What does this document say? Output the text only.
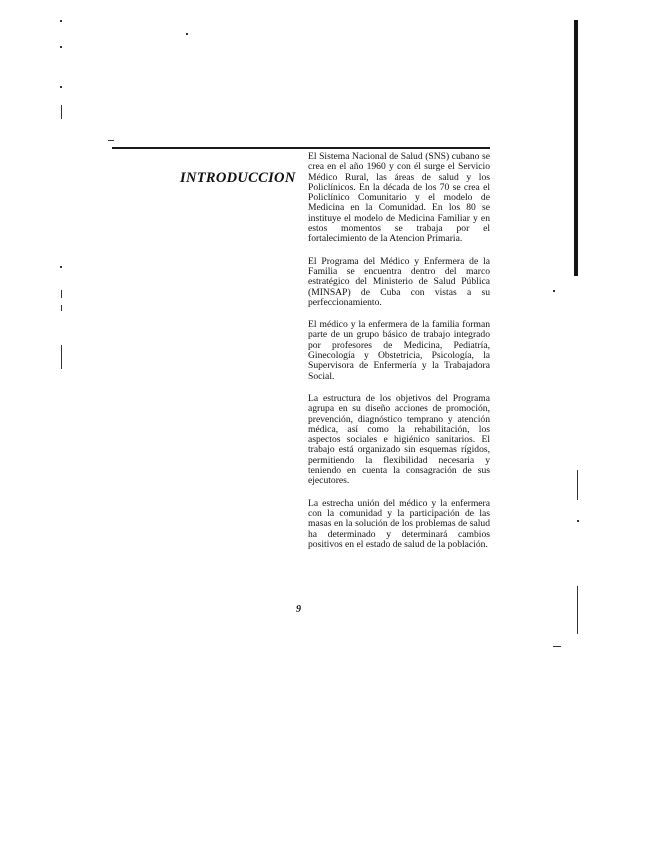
INTRODUCCION

El Sistema Nacional de Salud (SNS) cubano se crea en el año 1960 y con él surge el Servicio Médico Rural, las áreas de salud y los Policlínicos. En la década de los 70 se crea el Policlínico Comunitario y el modelo de Medicina en la Comunidad. En los 80 se instituye el modelo de Medicina Familiar y en estos momentos se trabaja por el fortalecimiento de la Atencion Primaria.

El Programa del Médico y Enfermera de la Familia se encuentra dentro del marco estratégico del Ministerio de Salud Pública (MINSAP) de Cuba con vistas a su perfeccionamiento.

El médico y la enfermera de la familia forman parte de un grupo básico de trabajo integrado por profesores de Medicina, Pediatría, Ginecología y Obstetricia, Psicología, la Supervisora de Enfermería y la Trabajadora Social.

La estructura de los objetivos del Programa agrupa en su diseño acciones de promoción, prevención, diagnóstico temprano y atención médica, así como la rehabilitación, los aspectos sociales e higiénico sanitarios. El trabajo está organizado sin esquemas rígidos, permitiendo la flexibilidad necesaria y teniendo en cuenta la consagración de sus ejecutores.

La estrecha unión del médico y la enfermera con la comunidad y la participación de las masas en la solución de los problemas de salud ha determinado y determinará cambios positivos en el estado de salud de la población.

9
